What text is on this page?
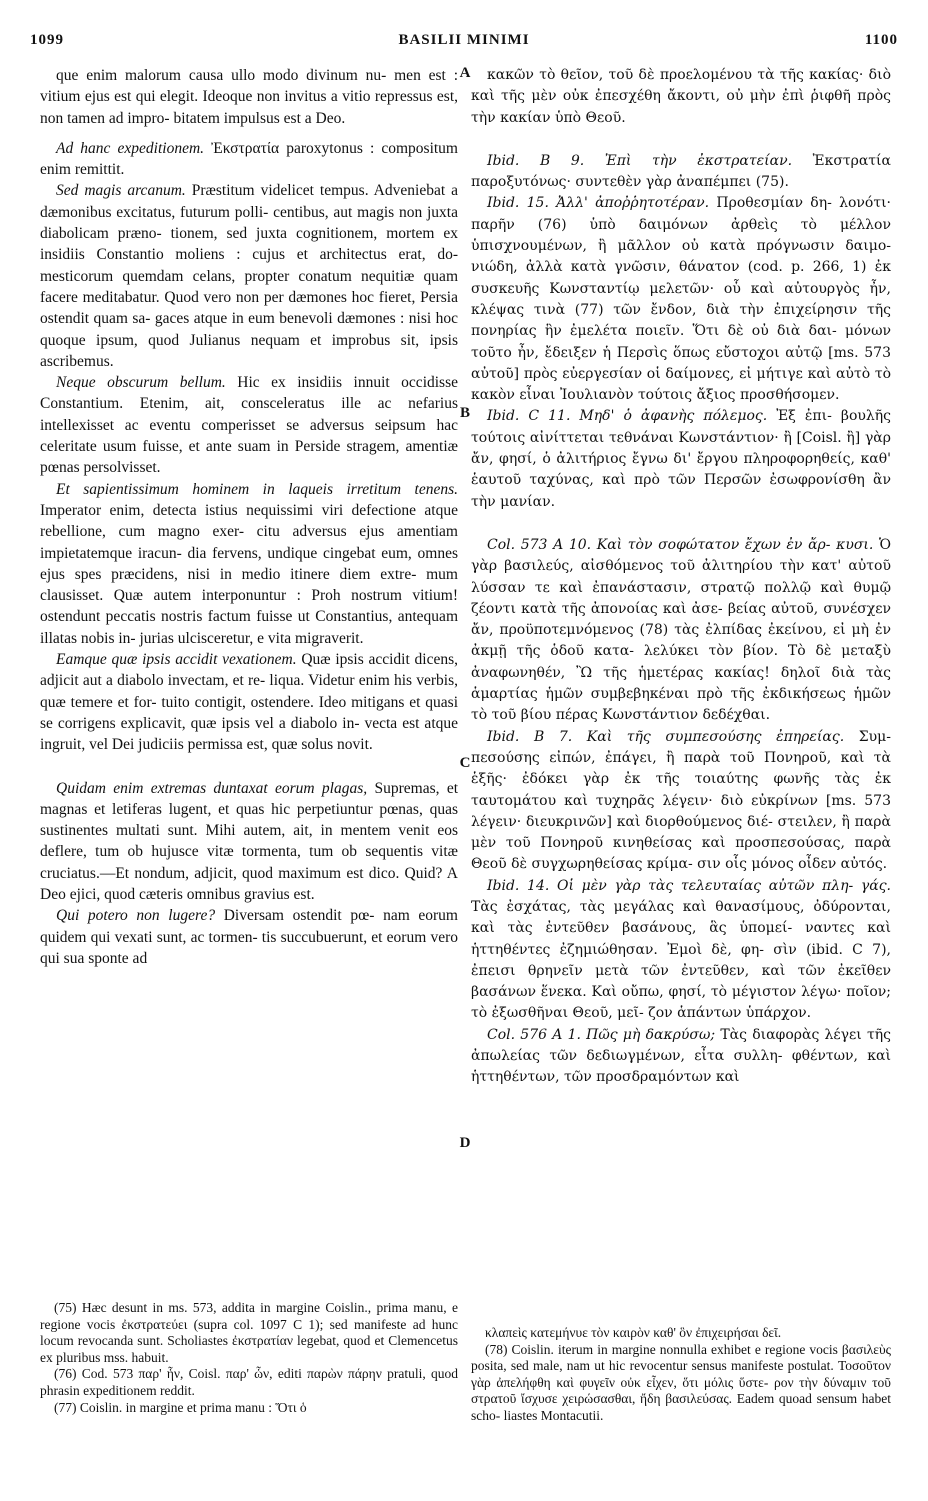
1099	BASILII MINIMI	1100

que enim malorum causa ullo modo divinum nu- men est : vitium ejus est qui elegit. Ideoque non invitus a vitio repressus est, non tamen ad impro- bitatem impulsus est a Deo.

Ad hanc expeditionem. Ἐκστρατία paroxytonus : compositum enim remittit.

Sed magis arcanum. Præstitum videlicet tempus. Adveniebat a dæmonibus excitatus, futurum polli- centibus, aut magis non juxta diabolicam præno- tionem, sed juxta cognitionem, mortem ex insidiis Constantio moliens : cujus et architectus erat, do- mesticorum quemdam celans, propter conatum nequitiæ quam facere meditabatur. Quod vero non per dæmones hoc fieret, Persia ostendit quam sa- gaces atque in eum benevoli dæmones : nisi hoc quoque ipsum, quod Julianus nequam et improbus sit, ipsis ascribemus.

Neque obscurum bellum. Hic ex insidiis innuit occidisse Constantium. Etenim, ait, consceleratus ille ac nefarius intellexisset ac eventu comperisset se adversus seipsum hac celeritate usum fuisse, et ante suam in Perside stragem, amentiæ pœnas persolvisset.

Et sapientissimum hominem in laqueis irretitum tenens. Imperator enim, detecta istius nequissimi viri defectione atque rebellione, cum magno exer- citu adversus ejus amentiam impietatemque iracun- dia fervens, undique cingebat eum, omnes ejus spes præcidens, nisi in medio itinere diem extre- mum clausisset. Quæ autem interponuntur : Proh nostrum vitium! ostendunt peccatis nostris factum fuisse ut Constantius, antequam illatas nobis in- jurias ulcisceretur, e vita migraverit.

Eamque quæ ipsis accidit vexationem. Quæ ipsis accidit dicens, adjicit aut a diabolo invectam, et re- liqua. Videtur enim his verbis, quæ temere et for- tuito contigit, ostendere. Ideo mitigans et quasi se corrigens explicavit, quæ ipsis vel a diabolo in- vecta est atque ingruit, vel Dei judiciis permissa est, quæ solus novit.

Quidam enim extremas duntaxat eorum plagas, Supremas, et magnas et letiferas lugent, et quas hic perpetiuntur pœnas, quas sustinentes multati sunt. Mihi autem, ait, in mentem venit eos deflere, tum ob hujusce vitæ tormenta, tum ob sequentis vitæ cruciatus.—Et nondum, adjicit, quod maximum est dico. Quid? A Deo ejici, quod cæteris omnibus gravius est.

Qui potero non lugere? Diversam ostendit pœ- nam eorum quidem qui vexati sunt, ac tormen- tis succubuerunt, et eorum vero qui sua sponte ad

A
B
C
D

κακῶν τὸ θεῖον, τοῦ δὲ προελομένου τὰ τῆς κακίας· διὸ καὶ τῆς μὲν οὐκ ἐπεσχέθη ἄκοντι, οὐ μὴν ἐπὶ ῥιφθῆ πρὸς τὴν κακίαν ὑπὸ Θεοῦ.

Ibid. B 9. Ἐπὶ τὴν ἐκστρατείαν. Ἐκστρατία παροξυτόνως· συντεθὲν γὰρ ἀναπέμπει (75).

Ibid. 15. Ἀλλ' ἀποῤῥητοτέραν. Προθεσμίαν δη- λονότι· παρῆν (76) ὑπὸ δαιμόνων ἀρθεὶς τὸ μέλλον ὑπισχνουμένων, ἢ μᾶλλον οὐ κατὰ πρόγνωσιν δαιμο- νιώδη, ἀλλὰ κατὰ γνῶσιν, θάνατον (cod. p. 266, 1) ἐκ συσκευῆς Κωνσταντίῳ μελετῶν· οὗ καὶ αὐτουργὸς ἦν, κλέψας τινὰ (77) τῶν ἔνδον, διὰ τὴν ἐπιχείρησιν τῆς πονηρίας ἣν ἐμελέτα ποιεῖν. Ὅτι δὲ οὐ διὰ δαι- μόνων τοῦτο ἦν, ἔδειξεν ἡ Περσὶς ὅπως εὔστοχοι αὐτῷ [ms. 573 αὐτοῦ] πρὸς εὐεργεσίαν οἱ δαίμονες, εἰ μήτιγε καὶ αὐτὸ τὸ κακὸν εἶναι Ἰουλιανὸν τούτοις ἄξιος προσθήσομεν.

Ibid. C 11. Μηδ' ὁ ἀφανὴς πόλεμος. Ἐξ ἐπι- βουλῆς τούτοις αἰνίττεται τεθνάναι Κωνστάντιον· ἢ [Coisl. ἢ] γὰρ ἄν, φησί, ὁ ἀλιτήριος ἔγνω δι' ἔργου πληροφορηθείς, καθ' ἑαυτοῦ ταχύνας, καὶ πρὸ τῶν Περσῶν ἐσωφρονίσθη ἂν τὴν μανίαν.

Col. 573 A 10. Καὶ τὸν σοφώτατον ἔχων ἐν ἄρ- κυσι. Ὁ γὰρ βασιλεύς, αἰσθόμενος τοῦ ἀλιτηρίου τὴν κατ' αὐτοῦ λύσσαν τε καὶ ἐπανάστασιν, στρατῷ πολλῷ καὶ θυμῷ ζέοντι κατὰ τῆς ἀπονοίας καὶ ἀσε- βείας αὐτοῦ, συνέσχεν ἄν, προϋποτεμνόμενος (78) τὰς ἐλπίδας ἐκείνου, εἰ μὴ ἐν ἀκμῇ τῆς ὁδοῦ κατα- λελύκει τὸν βίον. Τὸ δὲ μεταξὺ ἀναφωνηθέν, Ὢ τῆς ἡμετέρας κακίας! δηλοῖ διὰ τὰς ἁμαρτίας ἡμῶν συμβεβηκέναι πρὸ τῆς ἐκδικήσεως ἡμῶν τὸ τοῦ βίου πέρας Κωνστάντιον δεδέχθαι.

Ibid. B 7. Καὶ τῆς συμπεσούσης ἐπηρείας. Συμ- πεσούσης εἰπών, ἐπάγει, ἢ παρὰ τοῦ Πονηροῦ, καὶ τὰ ἑξῆς· ἐδόκει γὰρ ἐκ τῆς τοιαύτης φωνῆς τὰς ἐκ ταυτομάτου καὶ τυχηρᾶς λέγειν· διὸ εὐκρίνων [ms. 573 λέγειν· διευκρινῶν] καὶ διορθούμενος διέ- στειλεν, ἢ παρὰ μὲν τοῦ Πονηροῦ κινηθείσας καὶ προσπεσούσας, παρὰ Θεοῦ δὲ συγχωρηθείσας κρίμα- σιν οἷς μόνος οἶδεν αὐτός.

Ibid. 14. Οἱ μὲν γὰρ τὰς τελευταίας αὐτῶν πλη- γάς. Τὰς ἐσχάτας, τὰς μεγάλας καὶ θανασίμους, ὀδύρονται, καὶ τὰς ἐντεῦθεν βασάνους, ἃς ὑπομεί- ναντες καὶ ἡττηθέντες ἐζημιώθησαν. Ἐμοὶ δὲ, φη- σὶν (ibid. C 7), ἐπεισι θρηνεῖν μετὰ τῶν ἐντεῦθεν, καὶ τῶν ἐκεῖθεν βασάνων ἕνεκα. Καὶ οὔπω, φησί, τὸ μέγιστον λέγω· ποῖον; τὸ ἐξωσθῆναι Θεοῦ, μεῖ- ζον ἁπάντων ὑπάρχον.

Col. 576 A 1. Πῶς μὴ δακρύσω; Τὰς διαφορὰς λέγει τῆς ἀπωλείας τῶν δεδιωγμένων, εἶτα συλλη- φθέντων, καὶ ἡττηθέντων, τῶν προσδραμόντων καὶ

(75) Hæc desunt in ms. 573, addita in margine Coislin., prima manu, e regione vocis ἐκστρατεύει (supra col. 1097 C 1); sed manifeste ad hunc locum revocanda sunt. Scholiastes ἐκστρατίαν legebat, quod et Clemencetus ex pluribus mss. habuit.

(76) Cod. 573 παρ' ἦν, Coisl. παρ' ὧν, editi παρὼν πάρην pratuli, quod phrasin expeditionem reddit.

(77) Coislin. in margine et prima manu : Ὅτι ὁ

κλαπεὶς κατεμήνυε τὸν καιρὸν καθ' ὃν ἐπιχειρήσαι δεῖ.

(78) Coislin. iterum in margine nonnulla exhibet e regione vocis βασιλεὺς posita, sed male, nam ut hic revocentur sensus manifeste postulat. Τοσοῦτον γὰρ ἀπελήφθη καὶ φυγεῖν οὐκ εἶχεν, ὅτι μόλις ὕστε- ρον τὴν δύναμιν τοῦ στρατοῦ ἴσχυσε χειρώσασθαι, ἤδη βασιλεύσας. Eadem quoad sensum habet scho- liastes Montacutii.
